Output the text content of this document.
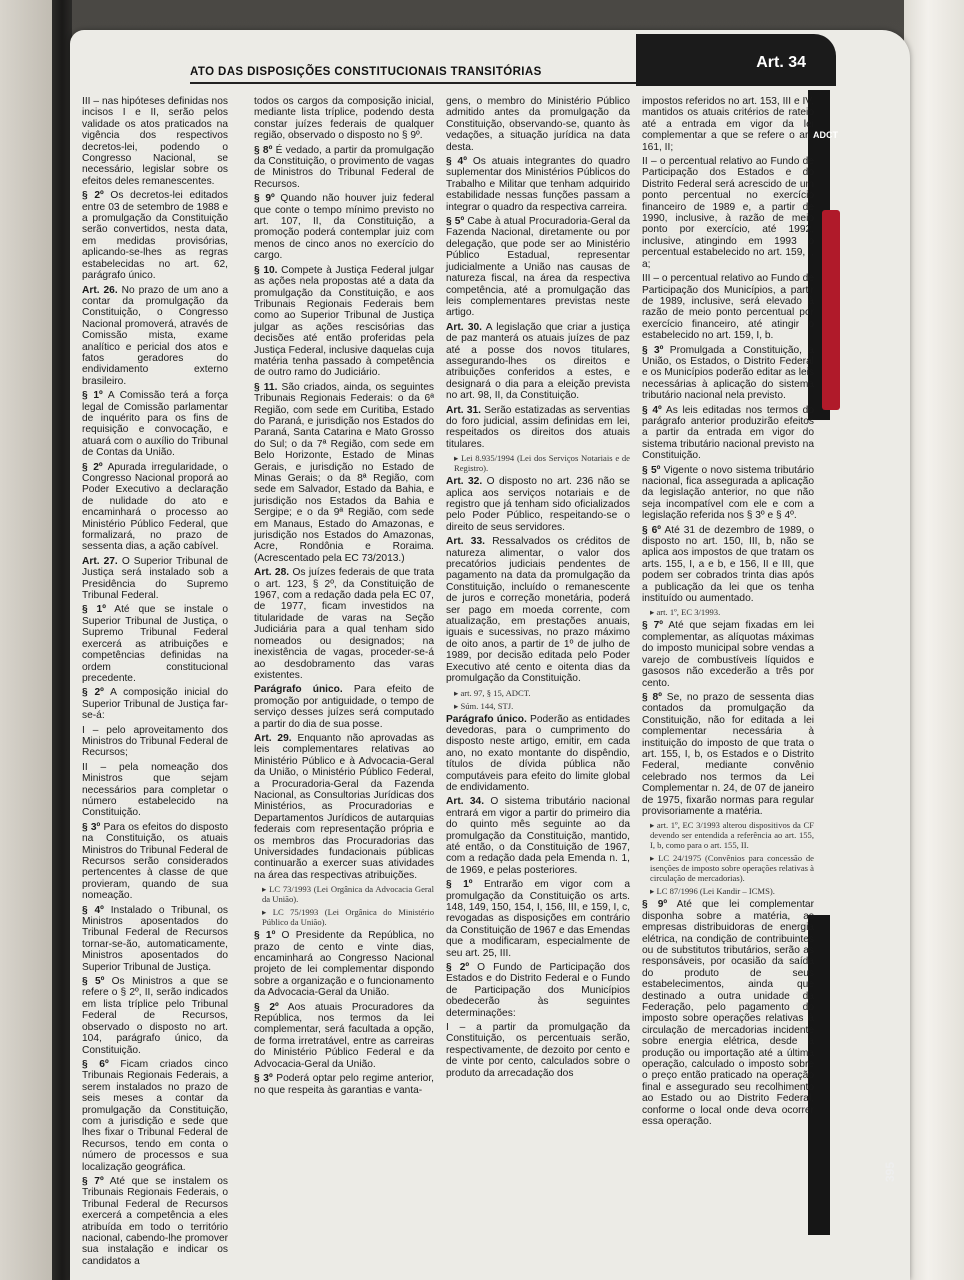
ATO DAS DISPOSIÇÕES CONSTITUCIONAIS TRANSITÓRIAS
Art. 34
ADCT
395

III – nas hipóteses definidas nos incisos I e II, serão pelos validade os atos praticados na vigência dos respectivos decretos-lei, podendo o Congresso Nacional, se necessário, legislar sobre os efeitos deles remanescentes.

§ 2º Os decretos-lei editados entre 03 de setembro de 1988 e a promulgação da Constituição serão convertidos, nesta data, em medidas provisórias, aplicando-se-lhes as regras estabelecidas no art. 62, parágrafo único.

Art. 26. No prazo de um ano a contar da promulgação da Constituição, o Congresso Nacional promoverá, através de Comissão mista, exame analítico e pericial dos atos e fatos geradores do endividamento externo brasileiro.

§ 1º A Comissão terá a força legal de Comissão parlamentar de inquérito para os fins de requisição e convocação, e atuará com o auxílio do Tribunal de Contas da União.

§ 2º Apurada irregularidade, o Congresso Nacional proporá ao Poder Executivo a declaração de nulidade do ato e encaminhará o processo ao Ministério Público Federal, que formalizará, no prazo de sessenta dias, a ação cabível.

Art. 27. O Superior Tribunal de Justiça será instalado sob a Presidência do Supremo Tribunal Federal.

§ 1º Até que se instale o Superior Tribunal de Justiça, o Supremo Tribunal Federal exercerá as atribuições e competências definidas na ordem constitucional precedente.

§ 2º A composição inicial do Superior Tribunal de Justiça far-se-á:

I – pelo aproveitamento dos Ministros do Tribunal Federal de Recursos;

II – pela nomeação dos Ministros que sejam necessários para completar o número estabelecido na Constituição.

§ 3º Para os efeitos do disposto na Constituição, os atuais Ministros do Tribunal Federal de Recursos serão considerados pertencentes à classe de que provieram, quando de sua nomeação.

§ 4º Instalado o Tribunal, os Ministros aposentados do Tribunal Federal de Recursos tornar-se-ão, automaticamente, Ministros aposentados do Superior Tribunal de Justiça.

§ 5º Os Ministros a que se refere o § 2º, II, serão indicados em lista tríplice pelo Tribunal Federal de Recursos, observado o disposto no art. 104, parágrafo único, da Constituição.

§ 6º Ficam criados cinco Tribunais Regionais Federais, a serem instalados no prazo de seis meses a contar da promulgação da Constituição, com a jurisdição e sede que lhes fixar o Tribunal Federal de Recursos, tendo em conta o número de processos e sua localização geográfica.

§ 7º Até que se instalem os Tribunais Regionais Federais, o Tribunal Federal de Recursos exercerá a competência a eles atribuída em todo o território nacional, cabendo-lhe promover sua instalação e indicar os candidatos a

todos os cargos da composição inicial, mediante lista tríplice, podendo desta constar juízes federais de qualquer região, observado o disposto no § 9º.

§ 8º É vedado, a partir da promulgação da Constituição, o provimento de vagas de Ministros do Tribunal Federal de Recursos.

§ 9º Quando não houver juiz federal que conte o tempo mínimo previsto no art. 107, II, da Constituição, a promoção poderá contemplar juiz com menos de cinco anos no exercício do cargo.

§ 10. Compete à Justiça Federal julgar as ações nela propostas até a data da promulgação da Constituição, e aos Tribunais Regionais Federais bem como ao Superior Tribunal de Justiça julgar as ações rescisórias das decisões até então proferidas pela Justiça Federal, inclusive daquelas cuja matéria tenha passado à competência de outro ramo do Judiciário.

§ 11. São criados, ainda, os seguintes Tribunais Regionais Federais: o da 6ª Região, com sede em Curitiba, Estado do Paraná, e jurisdição nos Estados do Paraná, Santa Catarina e Mato Grosso do Sul; o da 7ª Região, com sede em Belo Horizonte, Estado de Minas Gerais, e jurisdição no Estado de Minas Gerais; o da 8ª Região, com sede em Salvador, Estado da Bahia, e jurisdição nos Estados da Bahia e Sergipe; e o da 9ª Região, com sede em Manaus, Estado do Amazonas, e jurisdição nos Estados do Amazonas, Acre, Rondônia e Roraima. (Acrescentado pela EC 73/2013.)

Art. 28. Os juízes federais de que trata o art. 123, § 2º, da Constituição de 1967, com a redação dada pela EC 07, de 1977, ficam investidos na titularidade de varas na Seção Judiciária para a qual tenham sido nomeados ou designados; na inexistência de vagas, proceder-se-á ao desdobramento das varas existentes.

Parágrafo único. Para efeito de promoção por antiguidade, o tempo de serviço desses juízes será computado a partir do dia de sua posse.

Art. 29. Enquanto não aprovadas as leis complementares relativas ao Ministério Público e à Advocacia-Geral da União, o Ministério Público Federal, a Procuradoria-Geral da Fazenda Nacional, as Consultorias Jurídicas dos Ministérios, as Procuradorias e Departamentos Jurídicos de autarquias federais com representação própria e os membros das Procuradorias das Universidades fundacionais públicas continuarão a exercer suas atividades na área das respectivas atribuições.

▸ LC 73/1993 (Lei Orgânica da Advocacia Geral da União).

▸ LC 75/1993 (Lei Orgânica do Ministério Público da União).

§ 1º O Presidente da República, no prazo de cento e vinte dias, encaminhará ao Congresso Nacional projeto de lei complementar dispondo sobre a organização e o funcionamento da Advocacia-Geral da União.

§ 2º Aos atuais Procuradores da República, nos termos da lei complementar, será facultada a opção, de forma irretratável, entre as carreiras do Ministério Público Federal e da Advocacia-Geral da União.

§ 3º Poderá optar pelo regime anterior, no que respeita às garantias e vanta-

gens, o membro do Ministério Público admitido antes da promulgação da Constituição, observando-se, quanto às vedações, a situação jurídica na data desta.

§ 4º Os atuais integrantes do quadro suplementar dos Ministérios Públicos do Trabalho e Militar que tenham adquirido estabilidade nessas funções passam a integrar o quadro da respectiva carreira.

§ 5º Cabe à atual Procuradoria-Geral da Fazenda Nacional, diretamente ou por delegação, que pode ser ao Ministério Público Estadual, representar judicialmente a União nas causas de natureza fiscal, na área da respectiva competência, até a promulgação das leis complementares previstas neste artigo.

Art. 30. A legislação que criar a justiça de paz manterá os atuais juízes de paz até a posse dos novos titulares, assegurando-lhes os direitos e atribuições conferidos a estes, e designará o dia para a eleição prevista no art. 98, II, da Constituição.

Art. 31. Serão estatizadas as serventias do foro judicial, assim definidas em lei, respeitados os direitos dos atuais titulares.

▸ Lei 8.935/1994 (Lei dos Serviços Notariais e de Registro).

Art. 32. O disposto no art. 236 não se aplica aos serviços notariais e de registro que já tenham sido oficializados pelo Poder Público, respeitando-se o direito de seus servidores.

Art. 33. Ressalvados os créditos de natureza alimentar, o valor dos precatórios judiciais pendentes de pagamento na data da promulgação da Constituição, incluído o remanescente de juros e correção monetária, poderá ser pago em moeda corrente, com atualização, em prestações anuais, iguais e sucessivas, no prazo máximo de oito anos, a partir de 1º de julho de 1989, por decisão editada pelo Poder Executivo até cento e oitenta dias da promulgação da Constituição.

▸ art. 97, § 15, ADCT.

▸ Súm. 144, STJ.

Parágrafo único. Poderão as entidades devedoras, para o cumprimento do disposto neste artigo, emitir, em cada ano, no exato montante do dispêndio, títulos de dívida pública não computáveis para efeito do limite global de endividamento.

Art. 34. O sistema tributário nacional entrará em vigor a partir do primeiro dia do quinto mês seguinte ao da promulgação da Constituição, mantido, até então, o da Constituição de 1967, com a redação dada pela Emenda n. 1, de 1969, e pelas posteriores.

§ 1º Entrarão em vigor com a promulgação da Constituição os arts. 148, 149, 150, 154, I, 156, III, e 159, I, c, revogadas as disposições em contrário da Constituição de 1967 e das Emendas que a modificaram, especialmente de seu art. 25, III.

§ 2º O Fundo de Participação dos Estados e do Distrito Federal e o Fundo de Participação dos Municípios obedecerão às seguintes determinações:

I – a partir da promulgação da Constituição, os percentuais serão, respectivamente, de dezoito por cento e de vinte por cento, calculados sobre o produto da arrecadação dos

impostos referidos no art. 153, III e IV, mantidos os atuais critérios de rateio até a entrada em vigor da lei complementar a que se refere o art. 161, II;

II – o percentual relativo ao Fundo de Participação dos Estados e do Distrito Federal será acrescido de um ponto percentual no exercício financeiro de 1989 e, a partir de 1990, inclusive, à razão de meio ponto por exercício, até 1992, inclusive, atingindo em 1993 o percentual estabelecido no art. 159, I, a;

III – o percentual relativo ao Fundo de Participação dos Municípios, a partir de 1989, inclusive, será elevado à razão de meio ponto percentual por exercício financeiro, até atingir o estabelecido no art. 159, I, b.

§ 3º Promulgada a Constituição, a União, os Estados, o Distrito Federal e os Municípios poderão editar as leis necessárias à aplicação do sistema tributário nacional nela previsto.

§ 4º As leis editadas nos termos do parágrafo anterior produzirão efeitos a partir da entrada em vigor do sistema tributário nacional previsto na Constituição.

§ 5º Vigente o novo sistema tributário nacional, fica assegurada a aplicação da legislação anterior, no que não seja incompatível com ele e com a legislação referida nos § 3º e § 4º.

§ 6º Até 31 de dezembro de 1989, o disposto no art. 150, III, b, não se aplica aos impostos de que tratam os arts. 155, I, a e b, e 156, II e III, que podem ser cobrados trinta dias após a publicação da lei que os tenha instituído ou aumentado.

▸ art. 1º, EC 3/1993.

§ 7º Até que sejam fixadas em lei complementar, as alíquotas máximas do imposto municipal sobre vendas a varejo de combustíveis líquidos e gasosos não excederão a três por cento.

§ 8º Se, no prazo de sessenta dias contados da promulgação da Constituição, não for editada a lei complementar necessária à instituição do imposto de que trata o art. 155, I, b, os Estados e o Distrito Federal, mediante convênio celebrado nos termos da Lei Complementar n. 24, de 07 de janeiro de 1975, fixarão normas para regular provisoriamente a matéria.

▸ art. 1º, EC 3/1993 alterou dispositivos da CF devendo ser entendida a referência ao art. 155, I, b, como para o art. 155, II.

▸ LC 24/1975 (Convênios para concessão de isenções de imposto sobre operações relativas à circulação de mercadorias).

▸ LC 87/1996 (Lei Kandir – ICMS).

§ 9º Até que lei complementar disponha sobre a matéria, as empresas distribuidoras de energia elétrica, na condição de contribuintes ou de substitutos tributários, serão as responsáveis, por ocasião da saída do produto de seus estabelecimentos, ainda que destinado a outra unidade da Federação, pelo pagamento do imposto sobre operações relativas à circulação de mercadorias incidente sobre energia elétrica, desde a produção ou importação até a última operação, calculado o imposto sobre o preço então praticado na operação final e assegurado seu recolhimento ao Estado ou ao Distrito Federal, conforme o local onde deva ocorrer essa operação.
